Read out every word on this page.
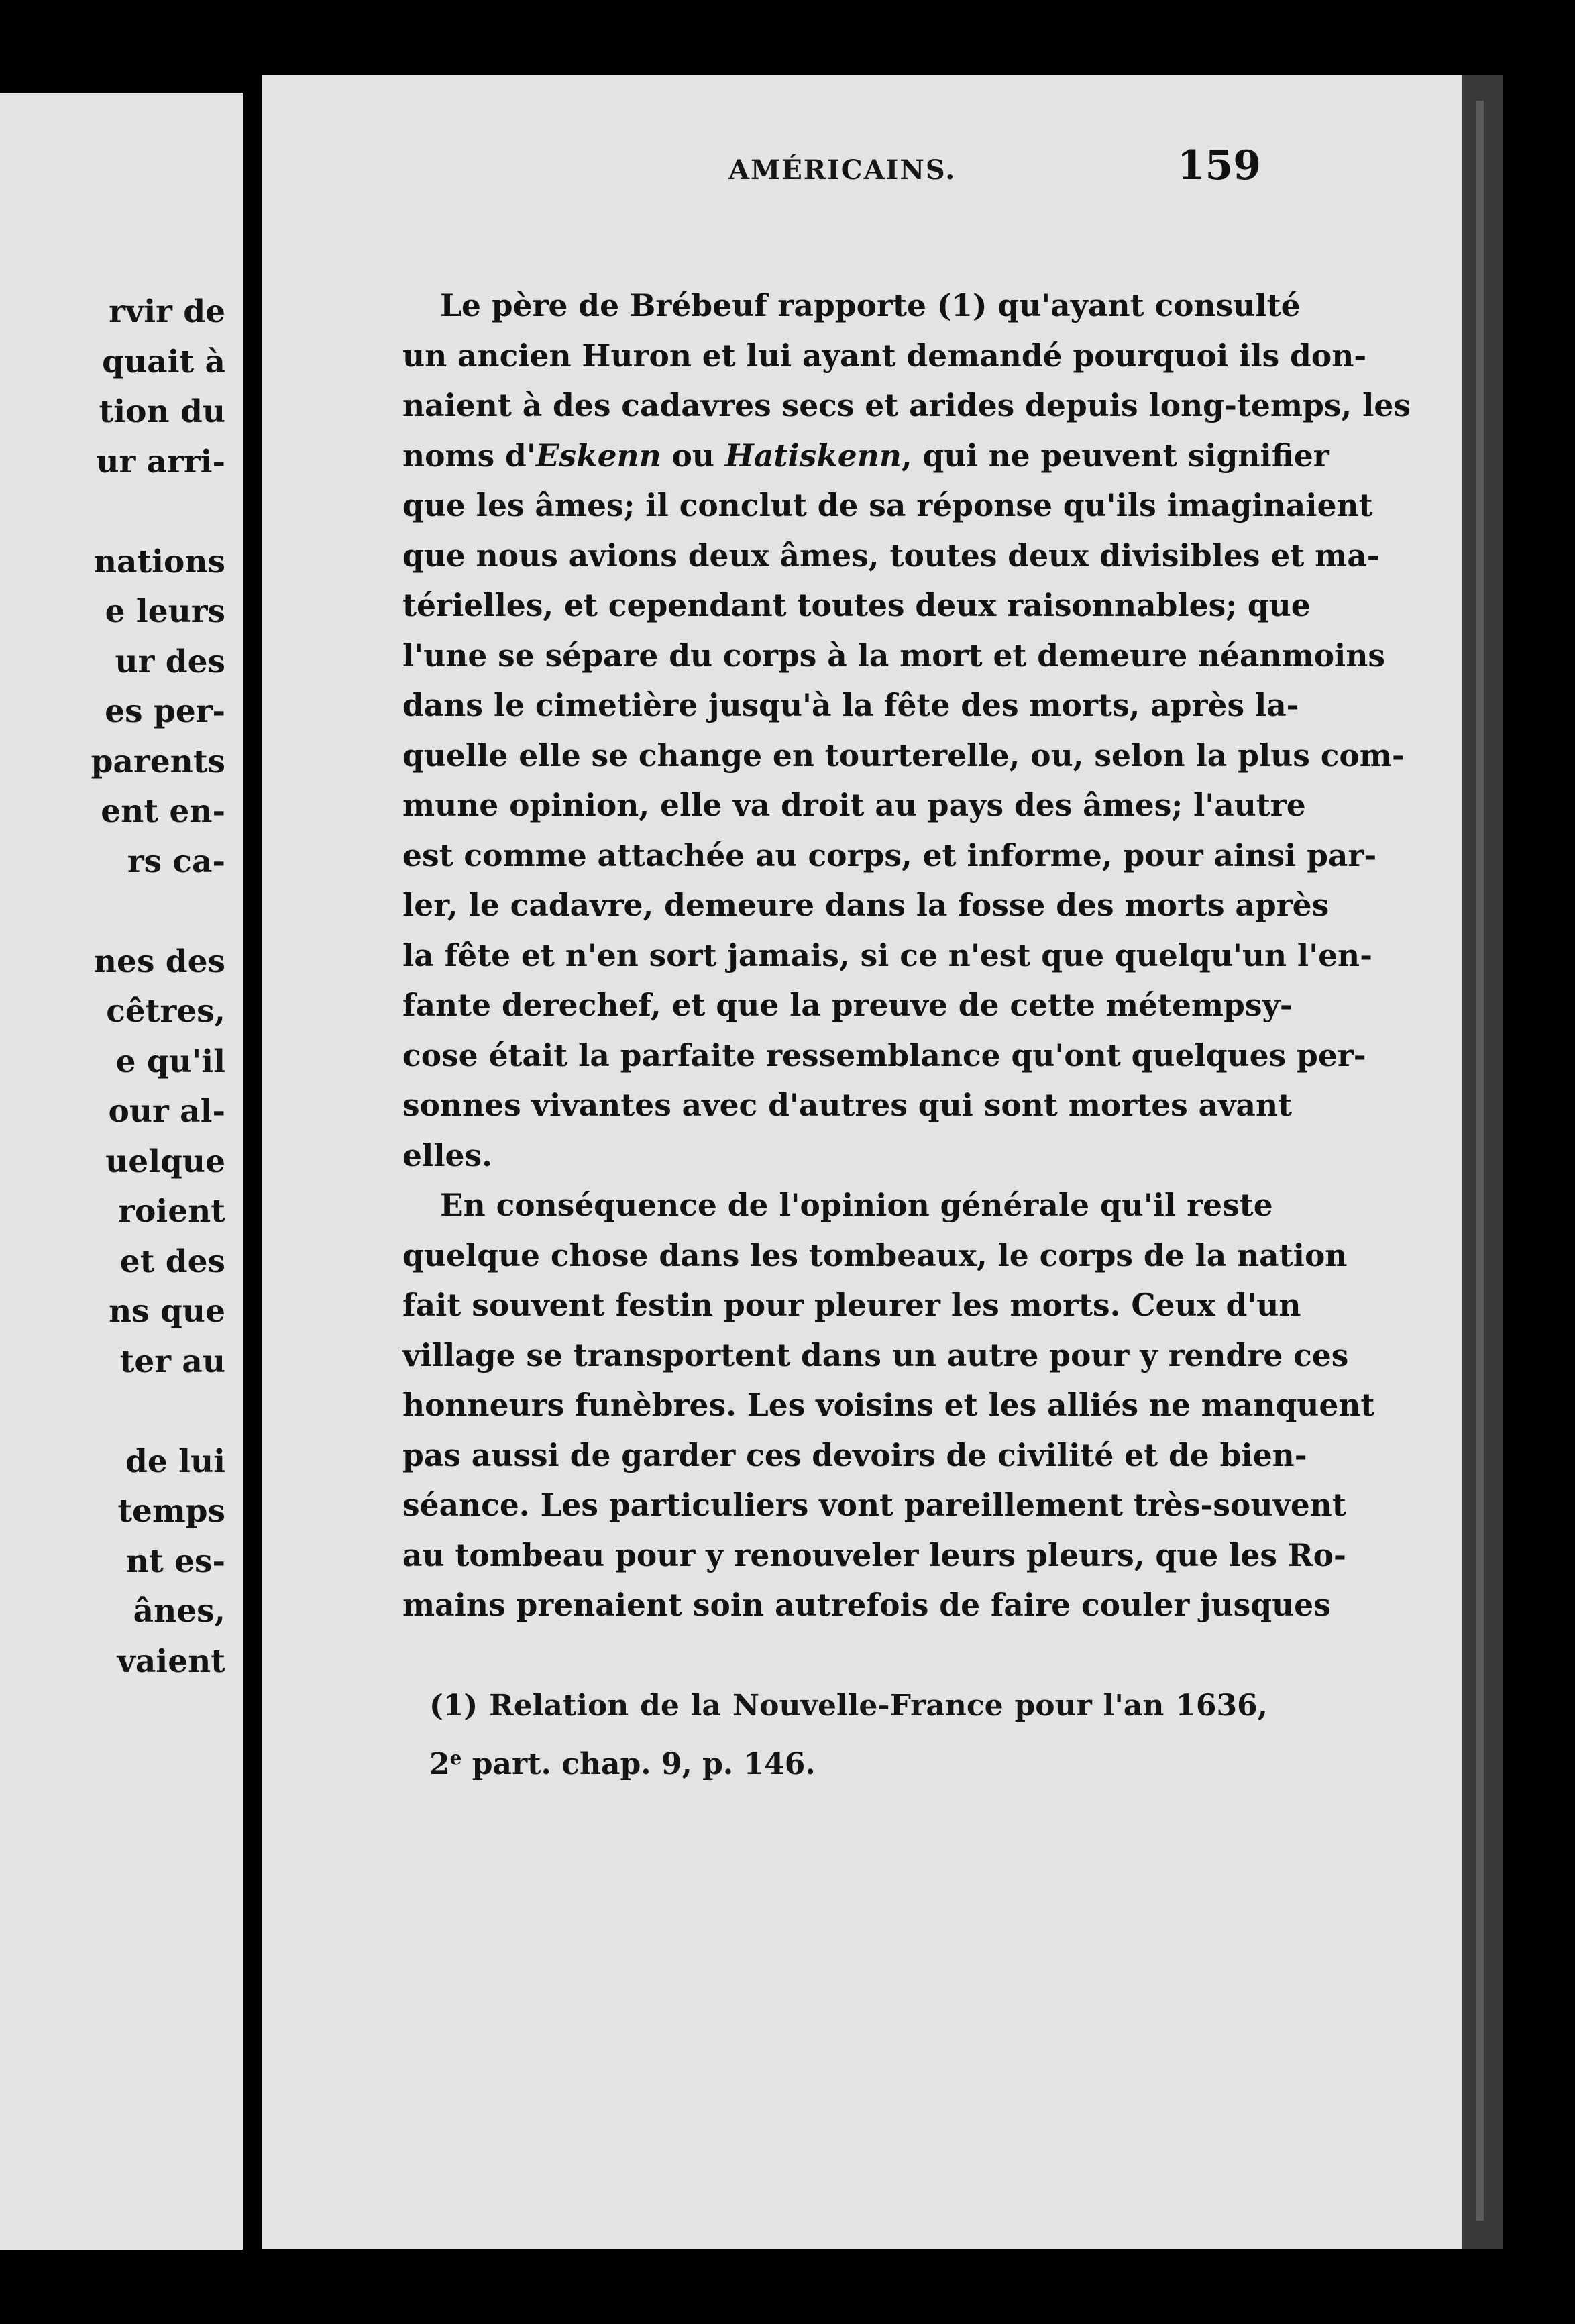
rvir de
quait à
tion du
ur arri-
nations
e leurs
ur des
es per-
parents
ent en-
rs ca-
nes des
cêtres,
e qu'il
our al-
uelque
roient
et des
ns que
ter au
de lui
temps
nt es-
ânes,
vaient
AMÉRICAINS.	159
Le père de Brébeuf rapporte (1) qu'ayant consulté
un ancien Huron et lui ayant demandé pourquoi ils don-
naient à des cadavres secs et arides depuis long-temps, les
noms d'Eskenn ou Hatiskenn, qui ne peuvent signifier
que les âmes; il conclut de sa réponse qu'ils imaginaient
que nous avions deux âmes, toutes deux divisibles et ma-
térielles, et cependant toutes deux raisonnables; que
l'une se sépare du corps à la mort et demeure néanmoins
dans le cimetière jusqu'à la fête des morts, après la-
quelle elle se change en tourterelle, ou, selon la plus com-
mune opinion, elle va droit au pays des âmes; l'autre
est comme attachée au corps, et informe, pour ainsi par-
ler, le cadavre, demeure dans la fosse des morts après
la fête et n'en sort jamais, si ce n'est que quelqu'un l'en-
fante derechef, et que la preuve de cette métempsy-
cose était la parfaite ressemblance qu'ont quelques per-
sonnes vivantes avec d'autres qui sont mortes avant
elles.
En conséquence de l'opinion générale qu'il reste
quelque chose dans les tombeaux, le corps de la nation
fait souvent festin pour pleurer les morts. Ceux d'un
village se transportent dans un autre pour y rendre ces
honneurs funèbres. Les voisins et les alliés ne manquent
pas aussi de garder ces devoirs de civilité et de bien-
séance. Les particuliers vont pareillement très-souvent
au tombeau pour y renouveler leurs pleurs, que les Ro-
mains prenaient soin autrefois de faire couler jusques
(1) Relation de la Nouvelle-France pour l'an 1636,
2e part. chap. 9, p. 146.
